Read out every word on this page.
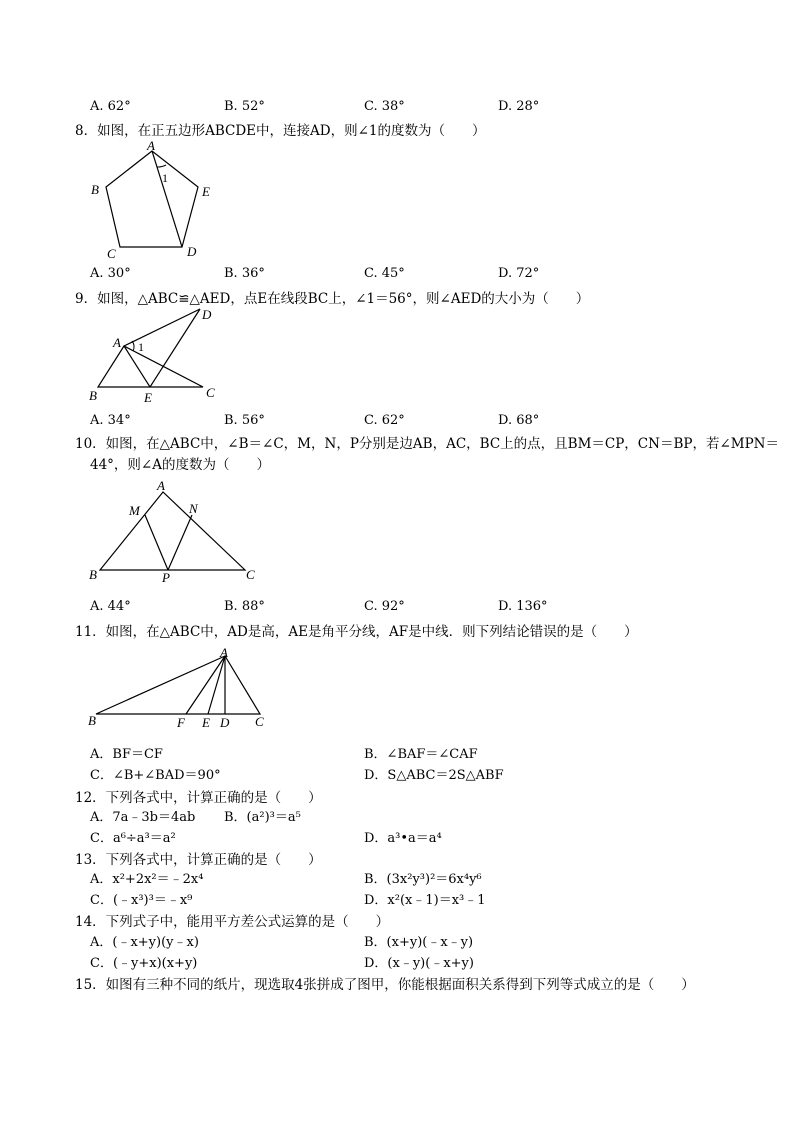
A. 62°	B. 52°	C. 38°	D. 28°
8．如图，在正五边形ABCDE中，连接AD，则∠1的度数为（　　）
A
B
C	D
E
1
A. 30°	B. 36°	C. 45°	D. 72°
9．如图，△ABC≌△AED，点E在线段BC上，∠1＝56°，则∠AED的大小为（　　）
A
B	C
D
E
1
A. 34°	B. 56°	C. 62°	D. 68°
10．如图，在△ABC中，∠B＝∠C，M，N，P分别是边AB，AC，BC上的点，且BM＝CP，CN＝BP，若∠MPN＝
44°，则∠A的度数为（　　）
A
B	C
M	N
P
A. 44°	B. 88°	C. 92°	D. 136°
11．如图，在△ABC中，AD是高，AE是角平分线，AF是中线．则下列结论错误的是（　　）
A
B	C
D
E
F
A．BF＝CF	B．∠BAF＝∠CAF
C．∠B+∠BAD＝90°	D．S△ABC＝2S△ABF
12．下列各式中，计算正确的是（　　）
A．7a﹣3b＝4ab B．(a²)³＝a⁵
C．a⁶÷a³＝a²	D．a³•a＝a⁴
13．下列各式中，计算正确的是（　　）
A．x²+2x²＝﹣2x⁴	B．(3x²y³)²＝6x⁴y⁶
C．(﹣x³)³＝﹣x⁹	D．x²(x﹣1)＝x³﹣1
14．下列式子中，能用平方差公式运算的是（　　）
A．(﹣x+y)(y﹣x)	B．(x+y)(﹣x﹣y)
C．(﹣y+x)(x+y)	D．(x﹣y)(﹣x+y)
15．如图有三种不同的纸片，现选取4张拼成了图甲，你能根据面积关系得到下列等式成立的是（　　）
